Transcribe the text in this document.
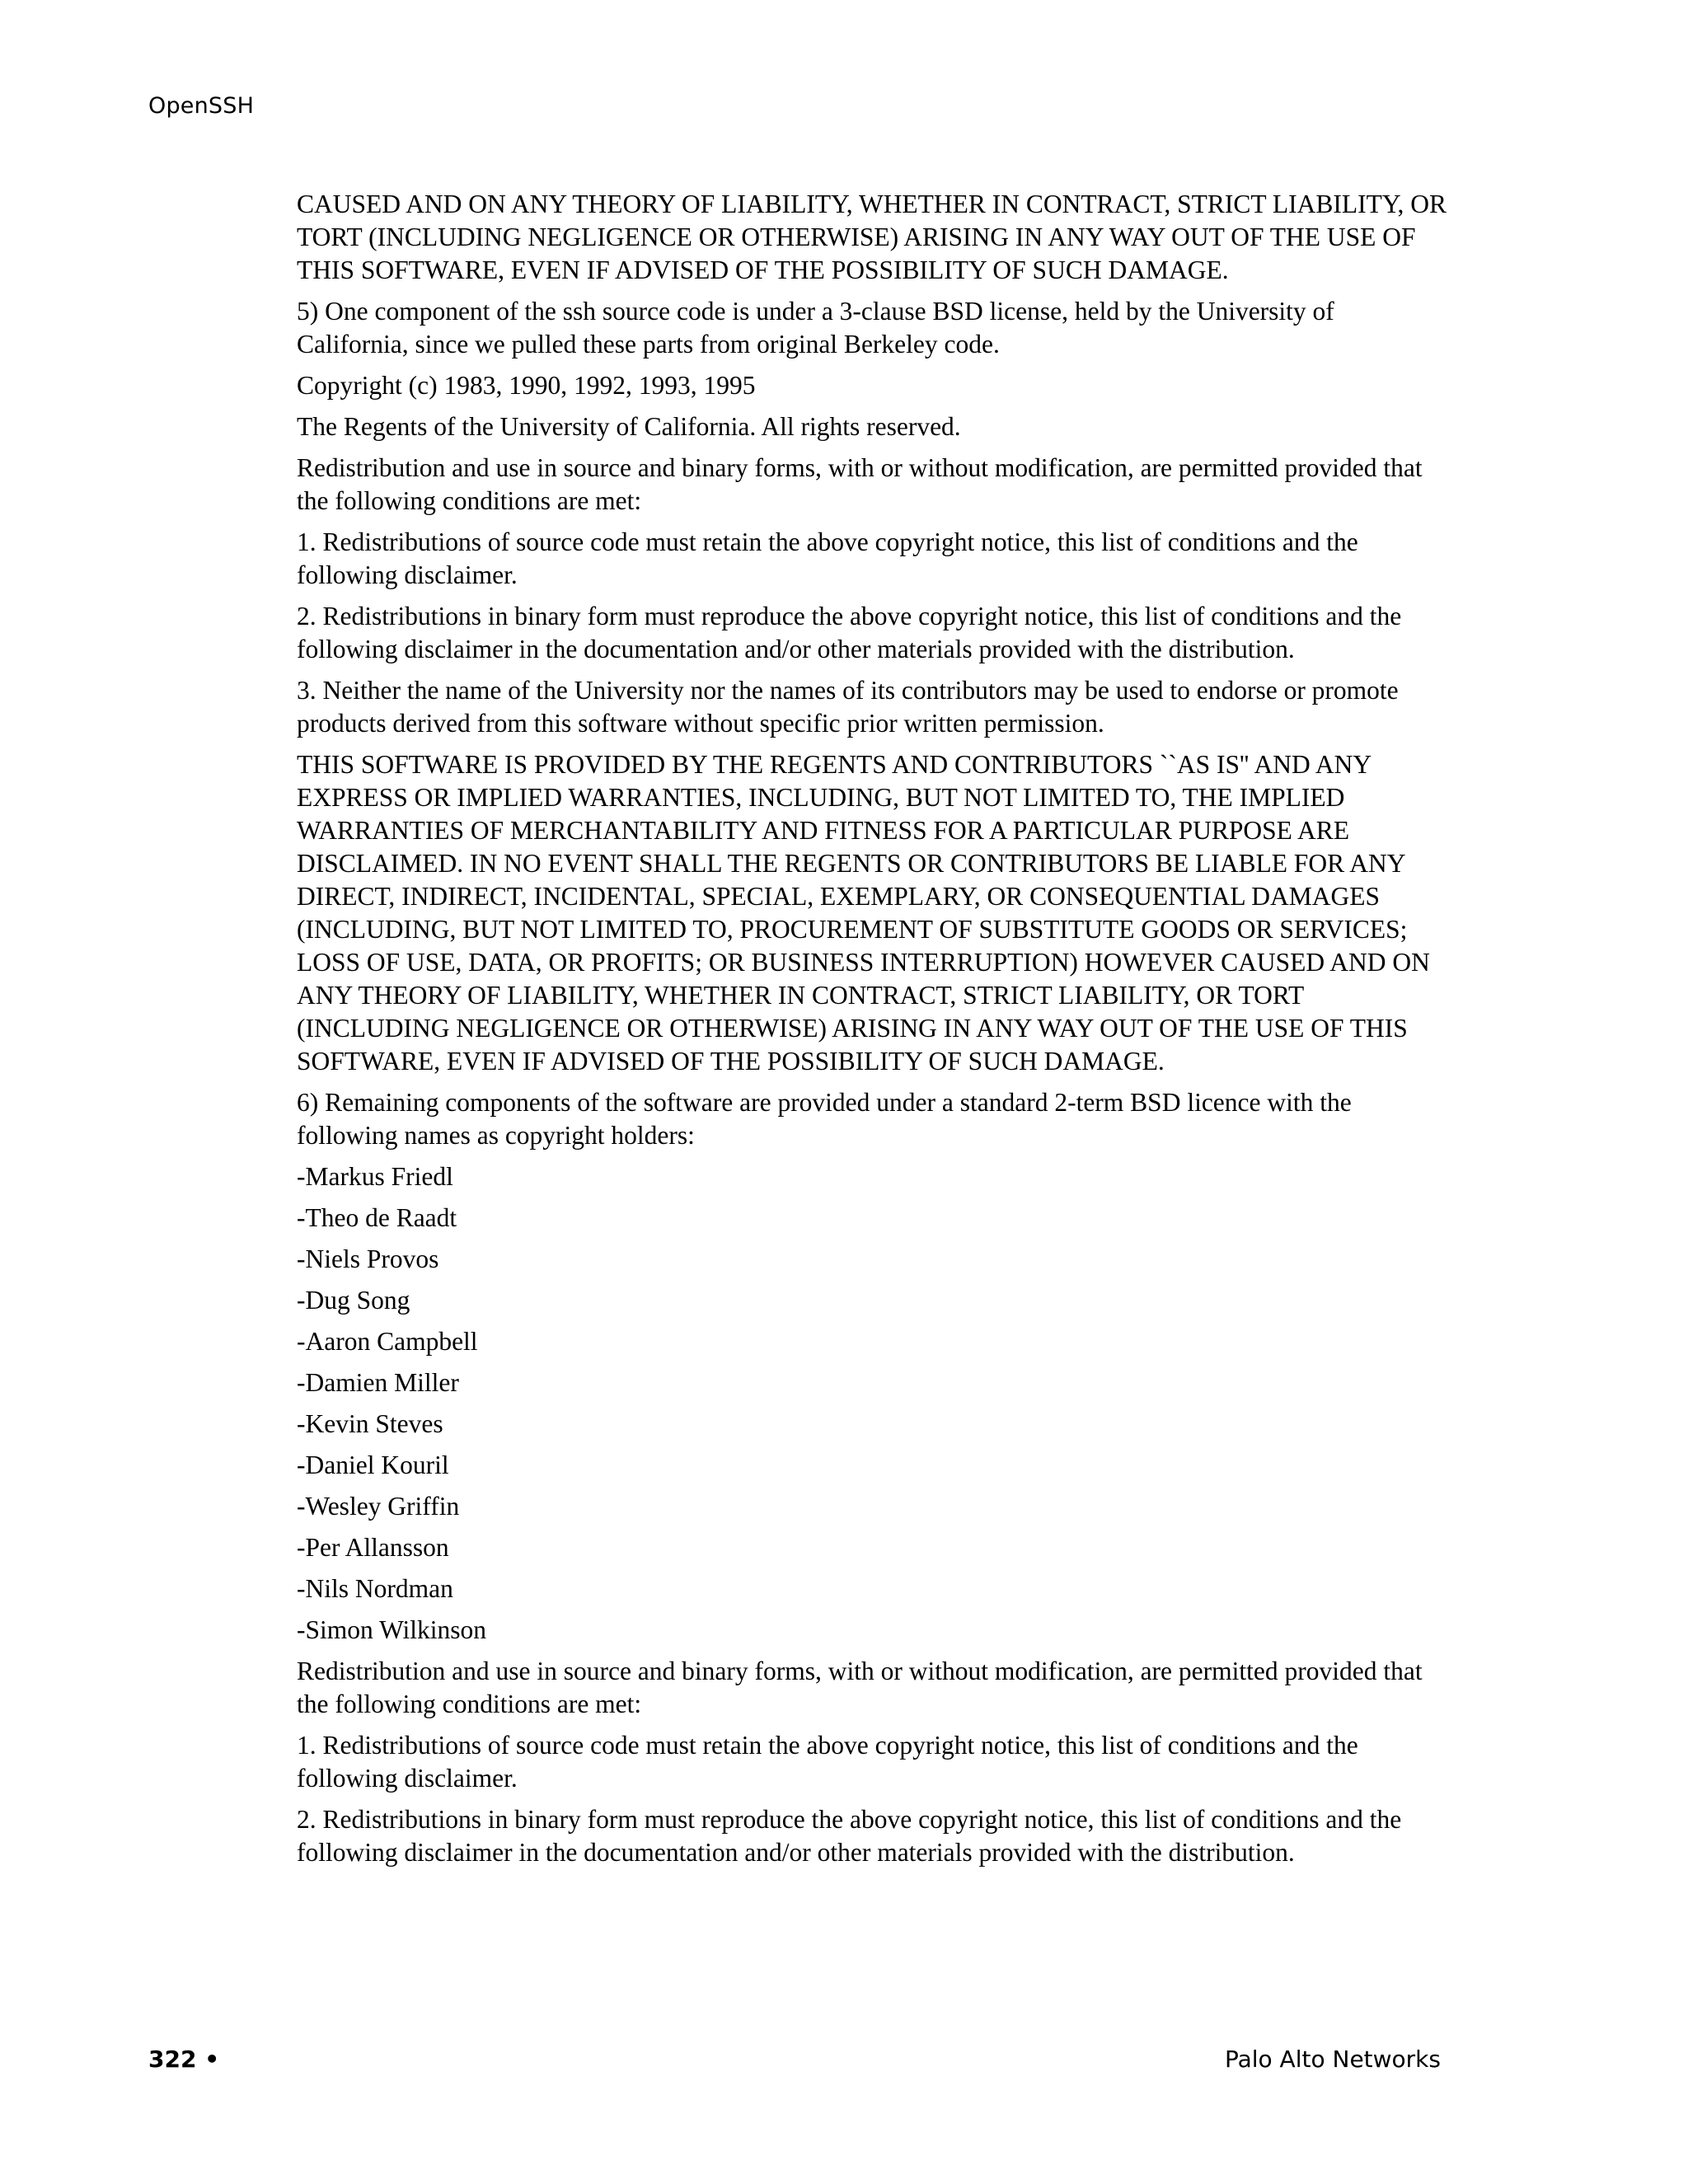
OpenSSH

CAUSED AND ON ANY THEORY OF LIABILITY, WHETHER IN CONTRACT, STRICT LIABILITY, OR TORT (INCLUDING NEGLIGENCE OR OTHERWISE) ARISING IN ANY WAY OUT OF THE USE OF THIS SOFTWARE, EVEN IF ADVISED OF THE POSSIBILITY OF SUCH DAMAGE.

5) One component of the ssh source code is under a 3-clause BSD license, held by the University of California, since we pulled these parts from original Berkeley code.

Copyright (c) 1983, 1990, 1992, 1993, 1995

The Regents of the University of California. All rights reserved.

Redistribution and use in source and binary forms, with or without modification, are permitted provided that the following conditions are met:

1. Redistributions of source code must retain the above copyright notice, this list of conditions and the following disclaimer.

2. Redistributions in binary form must reproduce the above copyright notice, this list of conditions and the following disclaimer in the documentation and/or other materials provided with the distribution.

3. Neither the name of the University nor the names of its contributors may be used to endorse or promote products derived from this software without specific prior written permission.

THIS SOFTWARE IS PROVIDED BY THE REGENTS AND CONTRIBUTORS ``AS IS'' AND ANY EXPRESS OR IMPLIED WARRANTIES, INCLUDING, BUT NOT LIMITED TO, THE IMPLIED WARRANTIES OF MERCHANTABILITY AND FITNESS FOR A PARTICULAR PURPOSE ARE DISCLAIMED. IN NO EVENT SHALL THE REGENTS OR CONTRIBUTORS BE LIABLE FOR ANY DIRECT, INDIRECT, INCIDENTAL, SPECIAL, EXEMPLARY, OR CONSEQUENTIAL DAMAGES (INCLUDING, BUT NOT LIMITED TO, PROCUREMENT OF SUBSTITUTE GOODS OR SERVICES; LOSS OF USE, DATA, OR PROFITS; OR BUSINESS INTERRUPTION) HOWEVER CAUSED AND ON ANY THEORY OF LIABILITY, WHETHER IN CONTRACT, STRICT LIABILITY, OR TORT (INCLUDING NEGLIGENCE OR OTHERWISE) ARISING IN ANY WAY OUT OF THE USE OF THIS SOFTWARE, EVEN IF ADVISED OF THE POSSIBILITY OF SUCH DAMAGE.

6) Remaining components of the software are provided under a standard 2-term BSD licence with the following names as copyright holders:

-Markus Friedl

-Theo de Raadt

-Niels Provos

-Dug Song

-Aaron Campbell

-Damien Miller

-Kevin Steves

-Daniel Kouril

-Wesley Griffin

-Per Allansson

-Nils Nordman

-Simon Wilkinson

Redistribution and use in source and binary forms, with or without modification, are permitted provided that the following conditions are met:

1. Redistributions of source code must retain the above copyright notice, this list of conditions and the following disclaimer.

2. Redistributions in binary form must reproduce the above copyright notice, this list of conditions and the following disclaimer in the documentation and/or other materials provided with the distribution.

322 •	Palo Alto Networks
